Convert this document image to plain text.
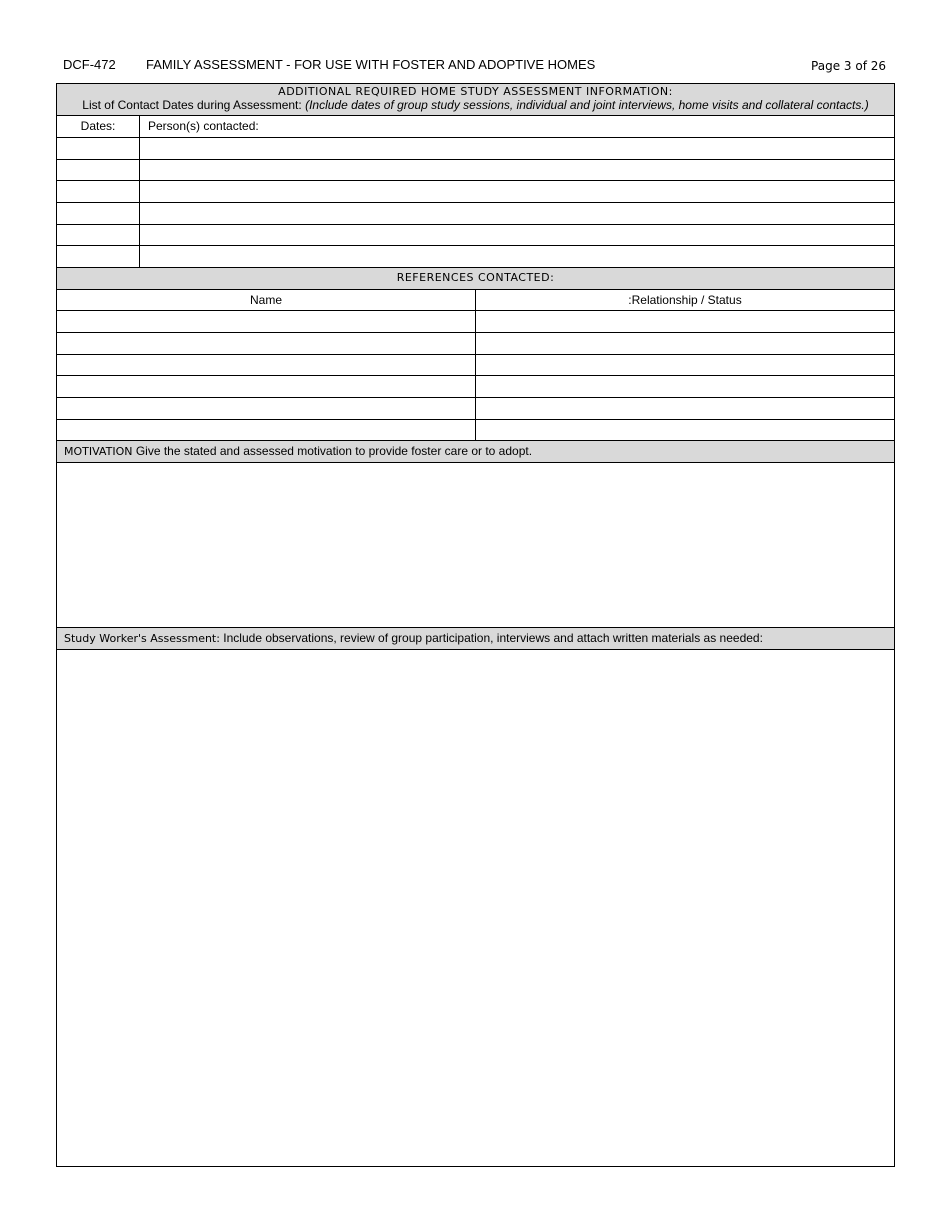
DCF-472 FAMILY ASSESSMENT - FOR USE WITH FOSTER AND ADOPTIVE HOMES	Page 3 of 26
ADDITIONAL REQUIRED HOME STUDY ASSESSMENT INFORMATION:
List of Contact Dates during Assessment: (Include dates of group study sessions, individual and joint interviews, home visits and collateral contacts.)
Dates:	Person(s) contacted:
REFERENCES CONTACTED:
Name	:Relationship / Status
MOTIVATION Give the stated and assessed motivation to provide foster care or to adopt.
Study Worker's Assessment: Include observations, review of group participation, interviews and attach written materials as needed:
